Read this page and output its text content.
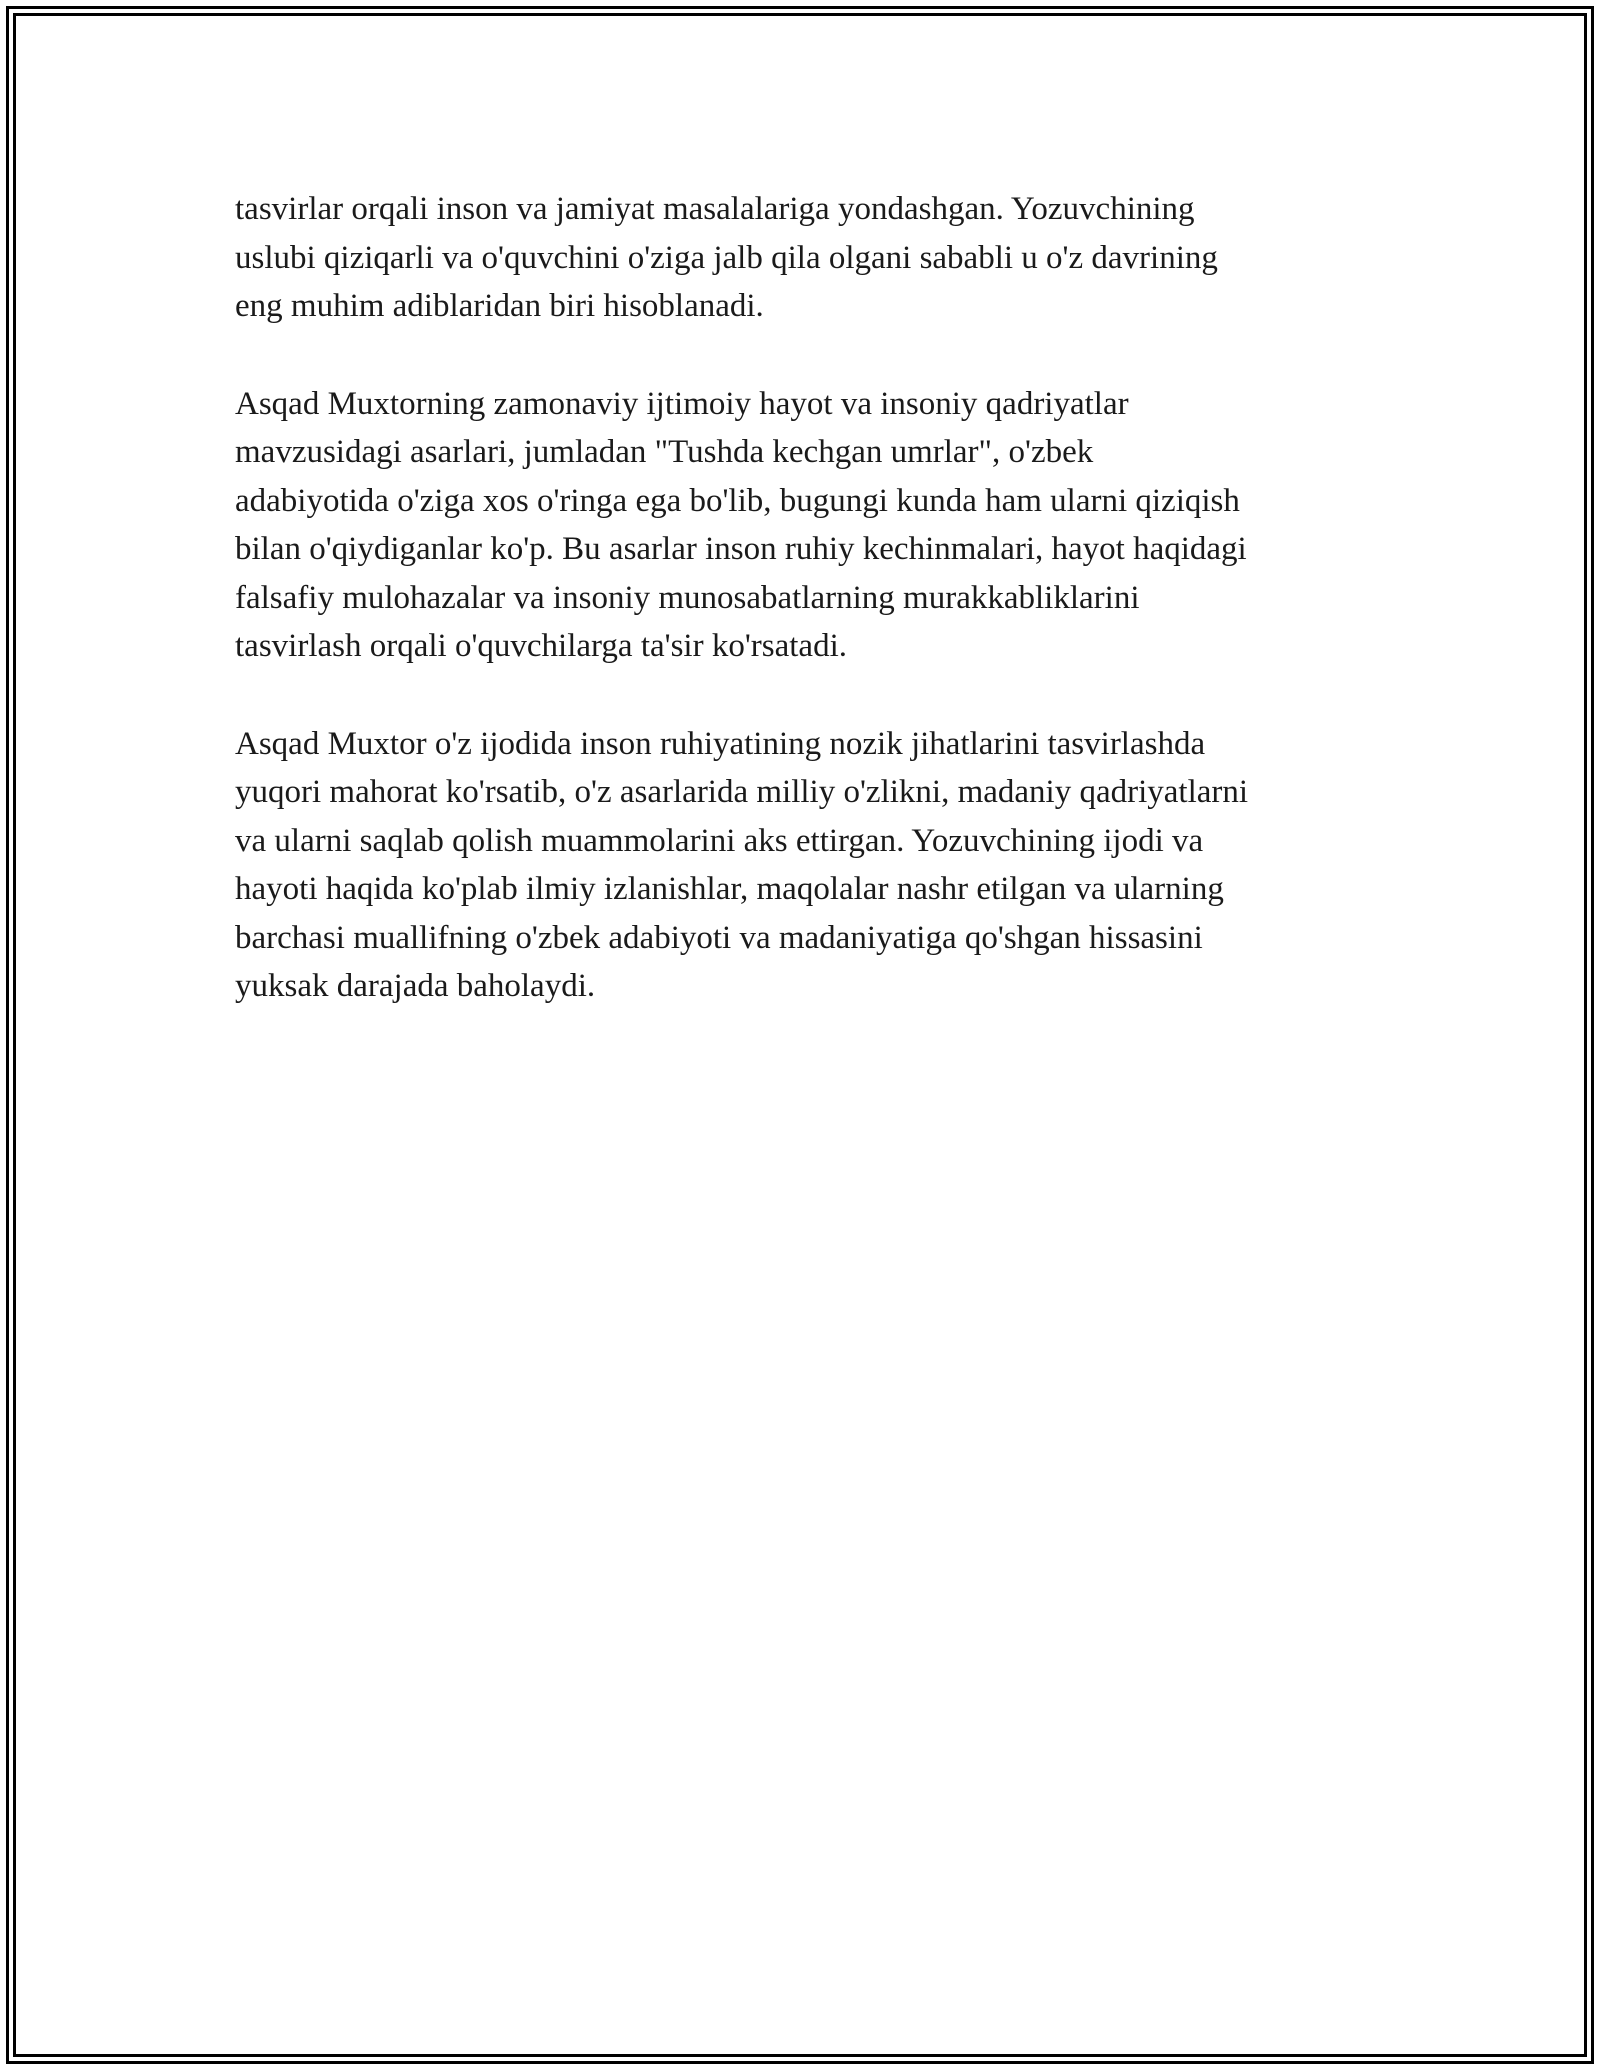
tasvirlar orqali inson va jamiyat masalalariga yondashgan. Yozuvchining
uslubi qiziqarli va o'quvchini o'ziga jalb qila olgani sababli u o'z davrining
eng muhim adiblaridan biri hisoblanadi.

Asqad Muxtorning zamonaviy ijtimoiy hayot va insoniy qadriyatlar
mavzusidagi asarlari, jumladan "Tushda kechgan umrlar", o'zbek
adabiyotida o'ziga xos o'ringa ega bo'lib, bugungi kunda ham ularni qiziqish
bilan o'qiydiganlar ko'p. Bu asarlar inson ruhiy kechinmalari, hayot haqidagi
falsafiy mulohazalar va insoniy munosabatlarning murakkabliklarini
tasvirlash orqali o'quvchilarga ta'sir ko'rsatadi.

Asqad Muxtor o'z ijodida inson ruhiyatining nozik jihatlarini tasvirlashda
yuqori mahorat ko'rsatib, o'z asarlarida milliy o'zlikni, madaniy qadriyatlarni
va ularni saqlab qolish muammolarini aks ettirgan. Yozuvchining ijodi va
hayoti haqida ko'plab ilmiy izlanishlar, maqolalar nashr etilgan va ularning
barchasi muallifning o'zbek adabiyoti va madaniyatiga qo'shgan hissasini
yuksak darajada baholaydi.
